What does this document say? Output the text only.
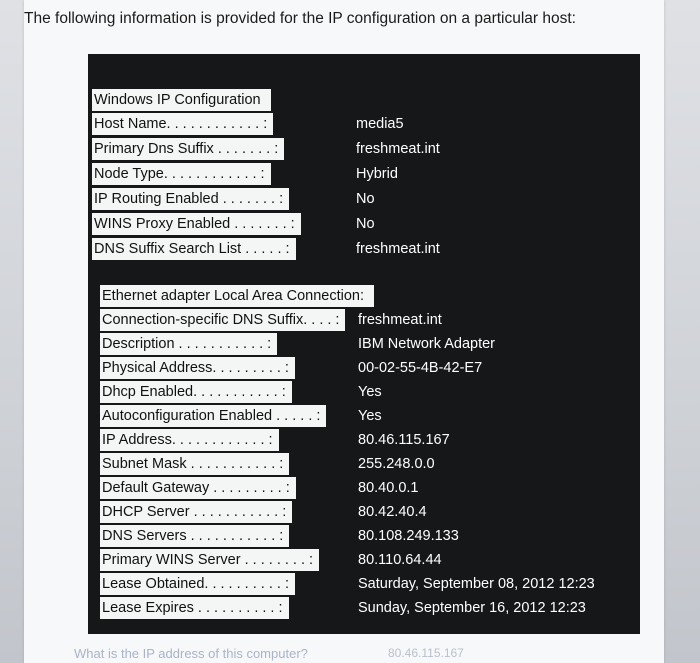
The following information is provided for the IP configuration on a particular host:
Windows IP Configuration
Host Name. . . . . . . . . . . . :	media5
Primary Dns Suffix . . . . . . . :	freshmeat.int
Node Type. . . . . . . . . . . . :	Hybrid
IP Routing Enabled . . . . . . . :	No
WINS Proxy Enabled . . . . . . . :	No
DNS Suffix Search List . . . . . :	freshmeat.int
Ethernet adapter Local Area Connection:
Connection-specific DNS Suffix. . . . :	freshmeat.int
Description . . . . . . . . . . . :	IBM Network Adapter
Physical Address. . . . . . . . . :	00-02-55-4B-42-E7
Dhcp Enabled. . . . . . . . . . . :	Yes
Autoconfiguration Enabled . . . . . :	Yes
IP Address. . . . . . . . . . . . :	80.46.115.167
Subnet Mask . . . . . . . . . . . :	255.248.0.0
Default Gateway . . . . . . . . . :	80.40.0.1
DHCP Server . . . . . . . . . . . :	80.42.40.4
DNS Servers . . . . . . . . . . . :	80.108.249.133
Primary WINS Server . . . . . . . . :	80.110.64.44
Lease Obtained. . . . . . . . . . :	Saturday, September 08, 2012 12:23
Lease Expires . . . . . . . . . . :	Sunday, September 16, 2012 12:23
What is the IP address of this computer?	80.46.115.167
